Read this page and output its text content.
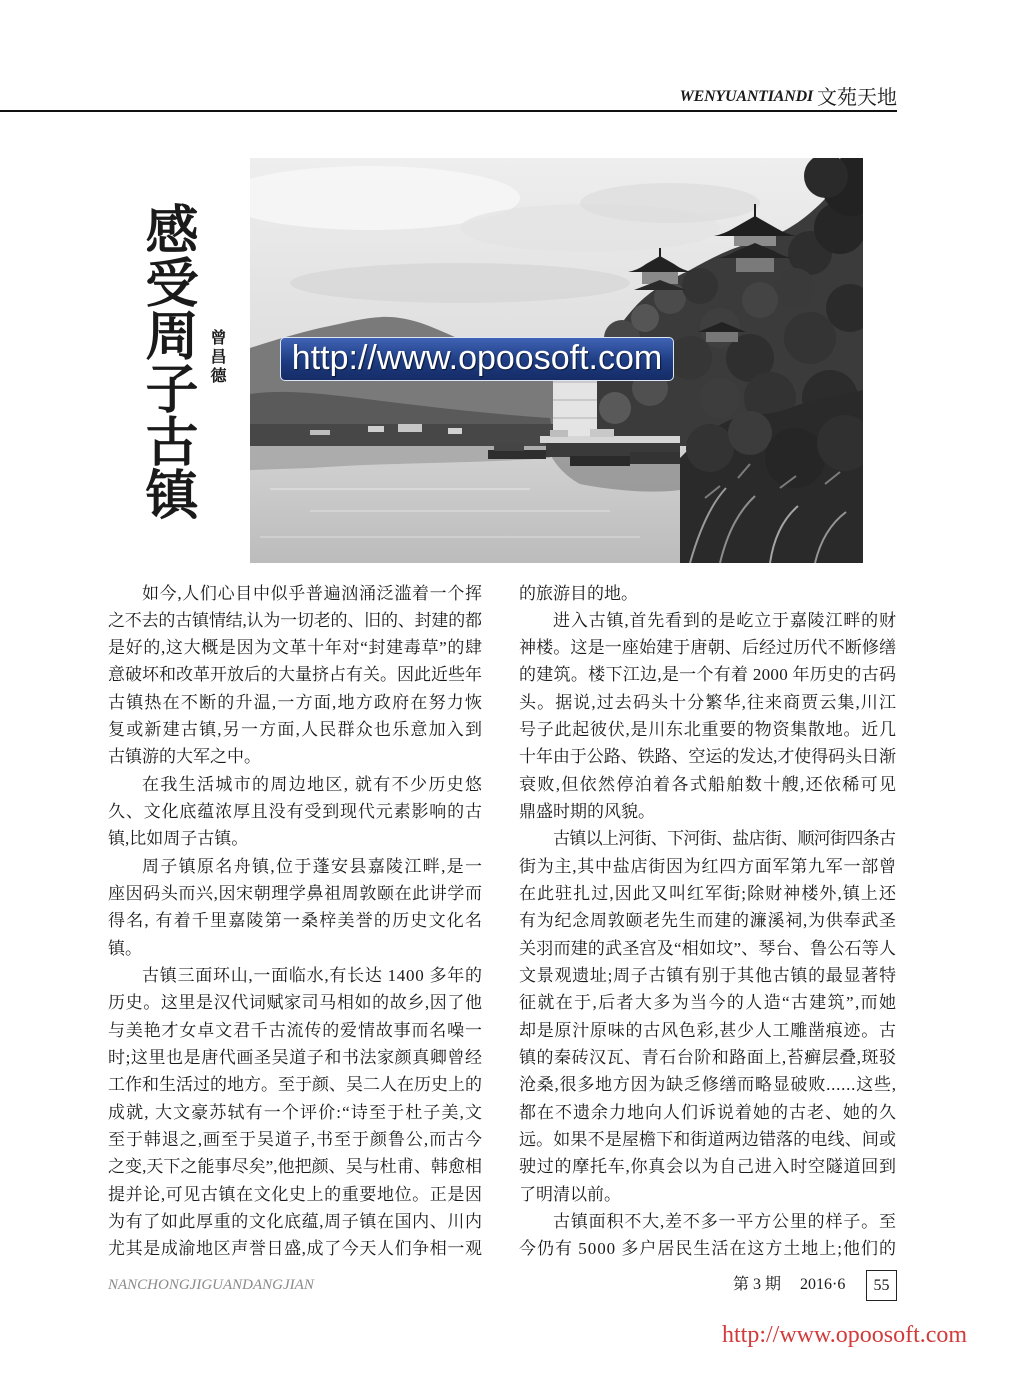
WENYUANTIANDI 文苑天地
感受周子古镇 曾昌德	http://www.opoosoft.com
如今,人们心目中似乎普遍汹涌泛滥着一个挥
之不去的古镇情结,认为一切老的、旧的、封建的都
是好的,这大概是因为文革十年对“封建毒草”的肆
意破坏和改革开放后的大量挤占有关。因此近些年
古镇热在不断的升温,一方面,地方政府在努力恢
复或新建古镇,另一方面,人民群众也乐意加入到
古镇游的大军之中。
在我生活城市的周边地区, 就有不少历史悠
久、文化底蕴浓厚且没有受到现代元素影响的古
镇,比如周子古镇。
周子镇原名舟镇,位于蓬安县嘉陵江畔,是一
座因码头而兴,因宋朝理学鼻祖周敦颐在此讲学而
得名, 有着千里嘉陵第一桑梓美誉的历史文化名
镇。
古镇三面环山,一面临水,有长达 1400 多年的
历史。这里是汉代词赋家司马相如的故乡,因了他
与美艳才女卓文君千古流传的爱情故事而名噪一
时;这里也是唐代画圣吴道子和书法家颜真卿曾经
工作和生活过的地方。至于颜、吴二人在历史上的
成就, 大文豪苏轼有一个评价:“诗至于杜子美,文
至于韩退之,画至于吴道子,书至于颜鲁公,而古今
之变,天下之能事尽矣”,他把颜、吴与杜甫、韩愈相
提并论,可见古镇在文化史上的重要地位。正是因
为有了如此厚重的文化底蕴,周子镇在国内、川内
尤其是成渝地区声誉日盛,成了今天人们争相一观
的旅游目的地。
进入古镇,首先看到的是屹立于嘉陵江畔的财
神楼。这是一座始建于唐朝、后经过历代不断修缮
的建筑。楼下江边,是一个有着 2000 年历史的古码
头。据说,过去码头十分繁华,往来商贾云集,川江
号子此起彼伏,是川东北重要的物资集散地。近几
十年由于公路、铁路、空运的发达,才使得码头日渐
衰败,但依然停泊着各式船舶数十艘,还依稀可见
鼎盛时期的风貌。
古镇以上河街、下河街、盐店街、顺河街四条古
街为主,其中盐店街因为红四方面军第九军一部曾
在此驻扎过,因此又叫红军街;除财神楼外,镇上还
有为纪念周敦颐老先生而建的濂溪祠,为供奉武圣
关羽而建的武圣宫及“相如坟”、琴台、鲁公石等人
文景观遗址;周子古镇有别于其他古镇的最显著特
征就在于,后者大多为当今的人造“古建筑”,而她
却是原汁原味的古风色彩,甚少人工雕凿痕迹。古
镇的秦砖汉瓦、青石台阶和路面上,苔癣层叠,斑驳
沧桑,很多地方因为缺乏修缮而略显破败......这些,
都在不遗余力地向人们诉说着她的古老、她的久
远。如果不是屋檐下和街道两边错落的电线、间或
驶过的摩托车,你真会以为自己进入时空隧道回到
了明清以前。
古镇面积不大,差不多一平方公里的样子。至
今仍有 5000 多户居民生活在这方土地上;他们的
NANCHONGJIGUANDANGJIAN	第 3 期 2016·6	55
http://www.opoosoft.com
